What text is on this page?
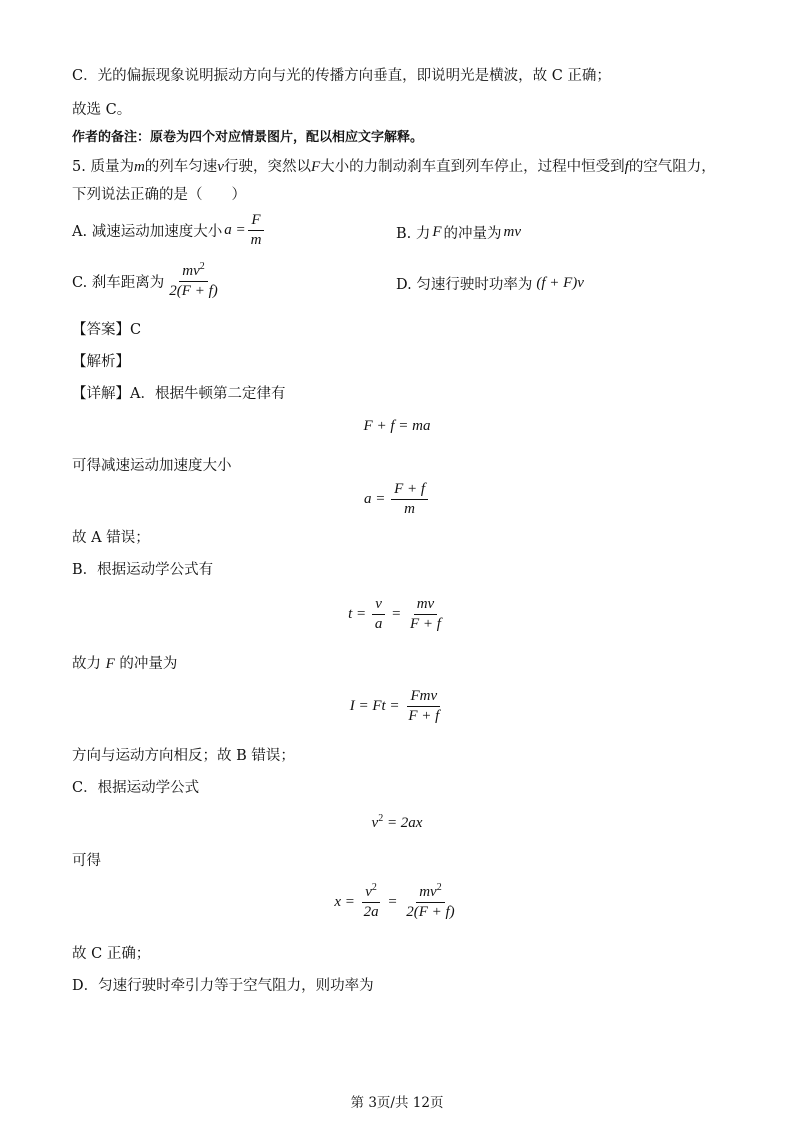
C．光的偏振现象说明振动方向与光的传播方向垂直，即说明光是横波，故 C 正确；
故选 C。
作者的备注：原卷为四个对应情景图片，配以相应文字解释。
5. 质量为m的列车匀速v行驶，突然以F大小的力制动刹车直到列车停止，过程中恒受到f的空气阻力，
下列说法正确的是（　　）
A. 减速运动加速度大小 $a = \frac{F}{m}$	B. 力 F 的冲量为 mv
C. 刹车距离为 $\frac{mv^2}{2(F + f)}$	D. 匀速行驶时功率为 (f + F)v
【答案】C
【解析】
【详解】A．根据牛顿第二定律有
F + f = ma
可得减速运动加速度大小
$a = \frac{F + f}{m}$
故 A 错误；
B．根据运动学公式有
$t = \frac{v}{a} = \frac{mv}{F + f}$
故力 F 的冲量为
$I = Ft = \frac{\text{Fmv}}{F + f}$
方向与运动方向相反；故 B 错误；
C．根据运动学公式
$v^2 = 2ax$
可得
$x = \frac{v^2}{2a} = \frac{mv^2}{2(F + f)}$
故 C 正确；
D．匀速行驶时牵引力等于空气阻力，则功率为
第 3页/共 12页
